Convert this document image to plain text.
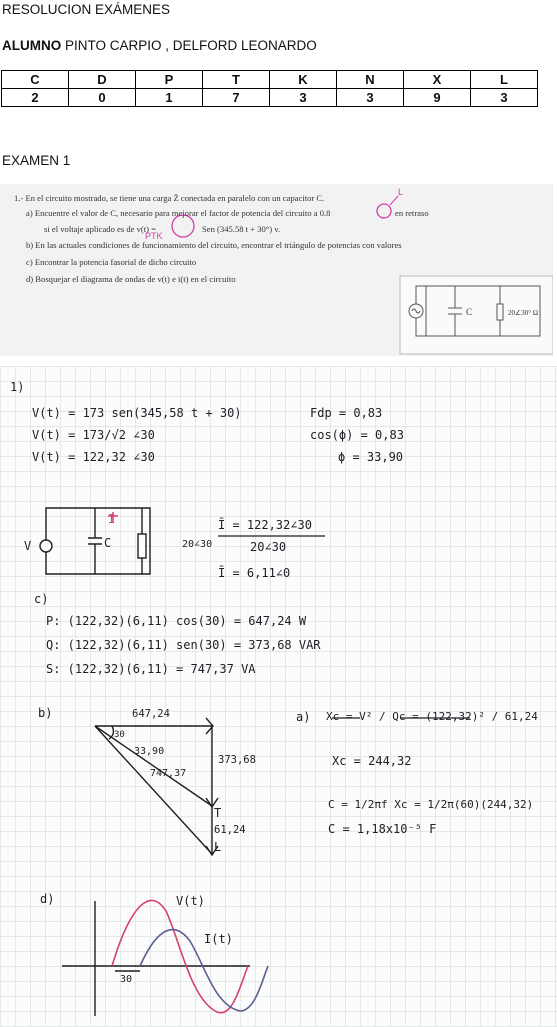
RESOLUCION EXÁMENES
ALUMNO PINTO CARPIO , DELFORD LEONARDO
C	D	P	T	K	N	X	L
2	0	1	7	3	3	9	3
EXAMEN 1
1.- En el circuito mostrado, se tiene una carga Z̄ conectada en paralelo con un capacitor C.
a) Encuentre el valor de C, necesario para mejorar el factor de potencia del circuito a 0.8	en retraso
si el voltaje aplicado es de v(t) =	Sen (345.58 t + 30°) v.
b) En las actuales condiciones de funcionamiento del circuito, encontrar el triángulo de potencias con valores
c) Encontrar la potencia fasorial de dicho circuito
d) Bosquejar el diagrama de ondas de v(t) e i(t) en el circuito
L
PTK
C	20∠30° Ω
1)
V(t) = 173 sen(345,58 t + 30)
V(t) = 173/√2 ∠30
V(t) = 122,32 ∠30
Fdp = 0,83
cos(ϕ) = 0,83
ϕ = 33,90
V	C
I
20∠30
Ī = 122,32∠30
20∠30
Ī = 6,11∠0
c)
P: (122,32)(6,11) cos(30) = 647,24 W
Q: (122,32)(6,11) sen(30) = 373,68 VAR
S: (122,32)(6,11) = 747,37 VA
b)	647,24
30
33,90
747,37
373,68
T
61,24
L
a) Xc = V² / Qc = (122,32)² / 61,24
Xc = 244,32
C = 1/2πf Xc = 1/2π(60)(244,32)
C = 1,18x10⁻⁵ F
d)	V(t)
I(t)
30
